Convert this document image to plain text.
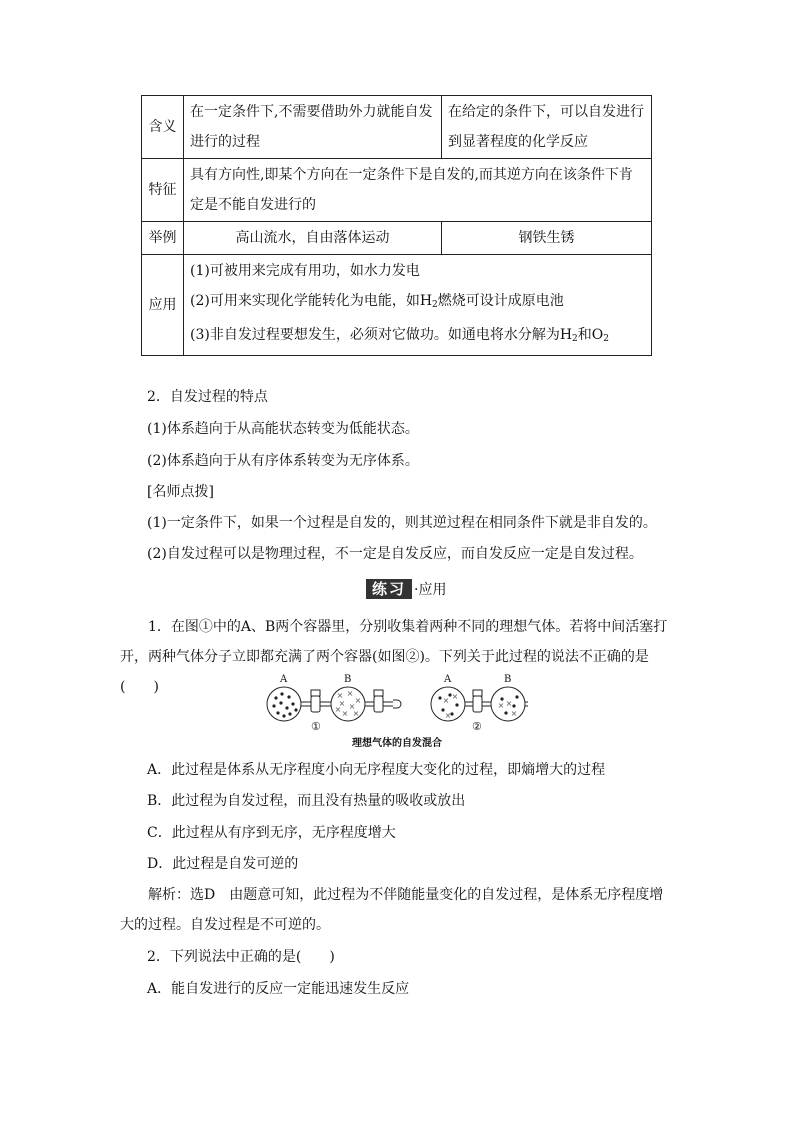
含义	在一定条件下,不需要借助外力就能自发进行的过程	在给定的条件下，可以自发进行到显著程度的化学反应
特征	具有方向性,即某个方向在一定条件下是自发的,而其逆方向在该条件下肯定是不能自发进行的	
举例	高山流水，自由落体运动	钢铁生锈
应用	(1)可被用来完成有用功，如水力发电
(2)可用来实现化学能转化为电能，如$H_2$燃烧可设计成原电池
(3)非自发过程要想发生，必须对它做功。如通电将水分解为$H_2$和$O_2$
2．自发过程的特点
(1)体系趋向于从高能状态转变为低能状态。
(2)体系趋向于从有序体系转变为无序体系。
[名师点拨]
(1)一定条件下，如果一个过程是自发的，则其逆过程在相同条件下就是非自发的。
(2)自发过程可以是物理过程，不一定是自发反应，而自发反应一定是自发过程。
练习 ·应用
1．在图①中的A、B两个容器里，分别收集着两种不同的理想气体。若将中间活塞打开，两种气体分子立即都充满了两个容器(如图②)。下列关于此过程的说法不正确的是(　　)
× ×
×
× ×
× ×
×
× ×
×
×
×
×
A	B	A	B
①	②
理想气体的自发混合
A．此过程是体系从无序程度小向无序程度大变化的过程，即熵增大的过程
B．此过程为自发过程，而且没有热量的吸收或放出
C．此过程从有序到无序，无序程度增大
D．此过程是自发可逆的
解析：选D　由题意可知，此过程为不伴随能量变化的自发过程，是体系无序程度增大的过程。自发过程是不可逆的。
2．下列说法中正确的是(　　)
A．能自发进行的反应一定能迅速发生反应
